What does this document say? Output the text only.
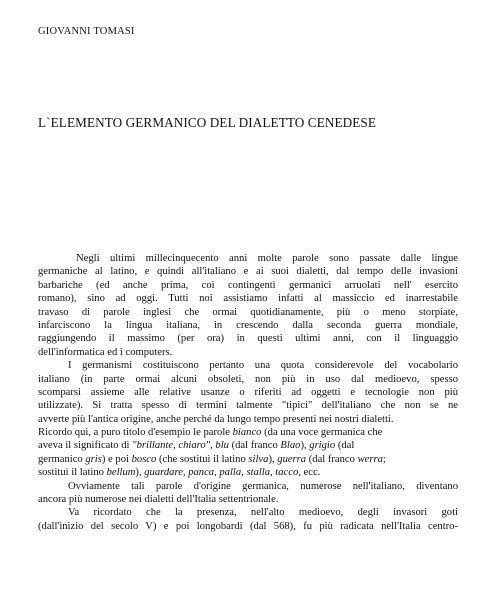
GIOVANNI TOMASI
L`ELEMENTO GERMANICO DEL DIALETTO CENEDESE
Negli ultimi millecinquecento anni molte parole sono passate dalle lingue
germaniche al latino, e quindi all'italiano e ai suoi dialetti, dal tempo delle invasioni
barbariche (ed anche prima, coi contingenti germanici arruolati nell' esercito
romano), sino ad oggi. Tutti noi assistiamo infatti al massiccio ed inarrestabile
travaso di parole inglesi che ormai quotidianamente, più o meno storpiate,
infarciscono la lingua italiana, in crescendo dalla seconda guerra mondiale,
raggiungendo il massimo (per ora) in questi ultimi anni, con il linguaggio
dell'informatica ed i computers.
I germanismi costituiscono pertanto una quota considerevole del vocabolario
italiano (in parte ormai alcuni obsoleti, non più in uso dal medioevo, spesso
scomparsi assieme alle relative usanze o riferiti ad oggetti e tecnologie non più
utilizzate). Si tratta spesso di termini talmente "tipici" dell'italiano che non se ne
avverte più l'antica origine, anche perché da lungo tempo presenti nei nostri dialetti.
Ricordo qui, a puro titolo d'esempio le parole bianco (da una voce germanica che
aveva il significato di "brillante, chiaro", blu (dal franco Blao), grigio (dal
germanico gris) e poi bosco (che sostituì il latino silva), guerra (dal franco werra;
sostituì il latino bellum), guardare, panca, palla, stalla, tacco, ecc.
Ovviamente tali parole d'origine germanica, numerose nell'italiano, diventano
ancora più numerose nei dialetti dell'Italia settentrionale.
Va ricordato che la presenza, nell'alto medioevo, degli invasori goti
(dall'inizio del secolo V) e poi longobardi (dal 568), fu più radicata nell'Italia centro-
